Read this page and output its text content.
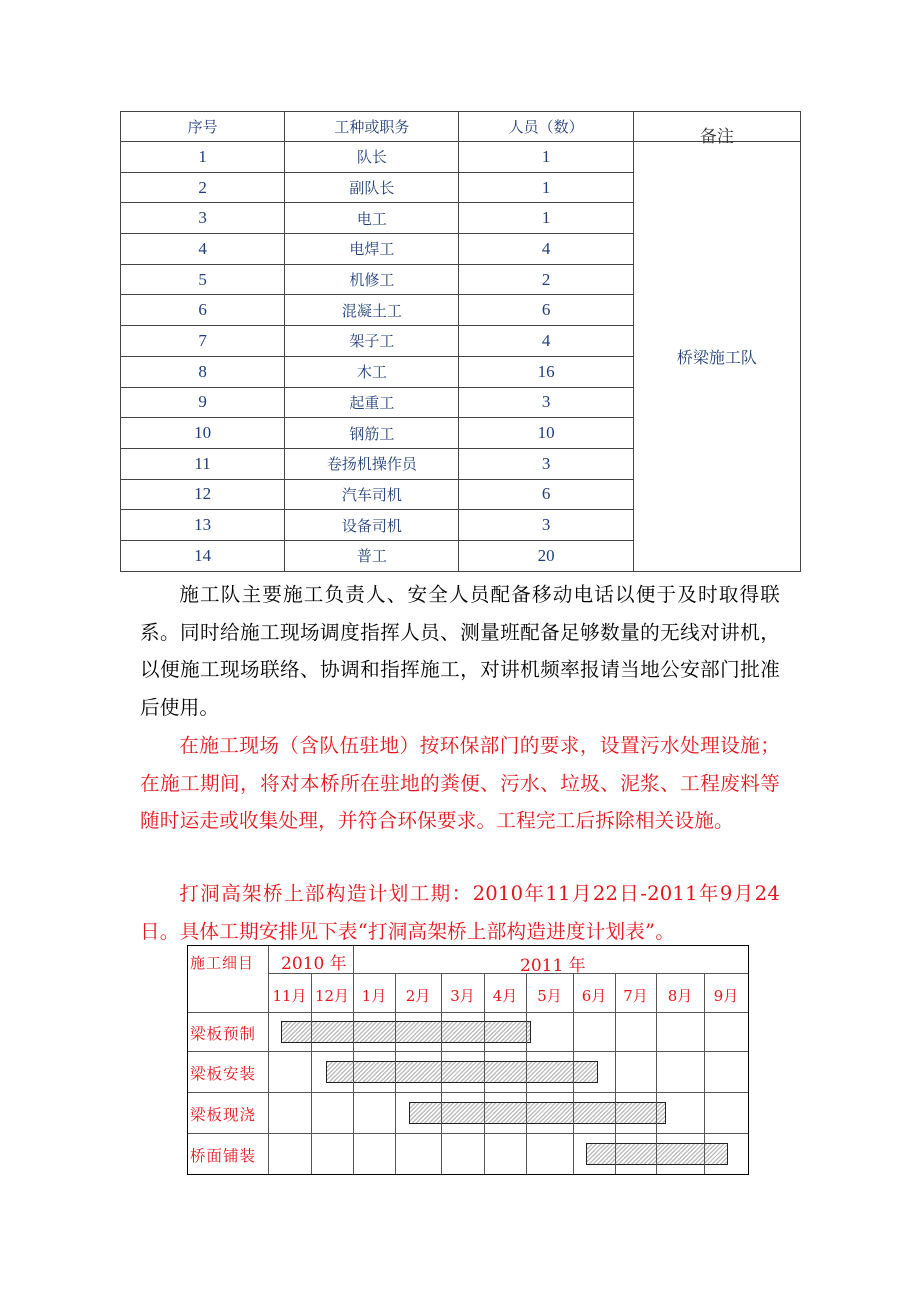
序号	工种或职务	人员（数）	备注
1	队长	1	桥梁施工队
2	副队长	1	
3	电工	1	
4	电焊工	4	
5	机修工	2	
6	混凝土工	6	
7	架子工	4	
8	木工	16	
9	起重工	3	
10	钢筋工	10	
11	卷扬机操作员	3	
12	汽车司机	6	
13	设备司机	3	
14	普工	20	

施工队主要施工负责人、安全人员配备移动电话以便于及时取得联系。同时给施工现场调度指挥人员、测量班配备足够数量的无线对讲机，以便施工现场联络、协调和指挥施工，对讲机频率报请当地公安部门批准后使用。

在施工现场（含队伍驻地）按环保部门的要求，设置污水处理设施；在施工期间，将对本桥所在驻地的粪便、污水、垃圾、泥浆、工程废料等随时运走或收集处理，并符合环保要求。工程完工后拆除相关设施。

打洞高架桥上部构造计划工期：2010年11月22日-2011年9月24日。具体工期安排见下表“打洞高架桥上部构造进度计划表”。

施工细目	2010 年	2011 年
11月 12月 1月	2月	3月	4月	5月	6月	7月	8月	9月
梁板预制
梁板安装
梁板现浇
桥面铺装
